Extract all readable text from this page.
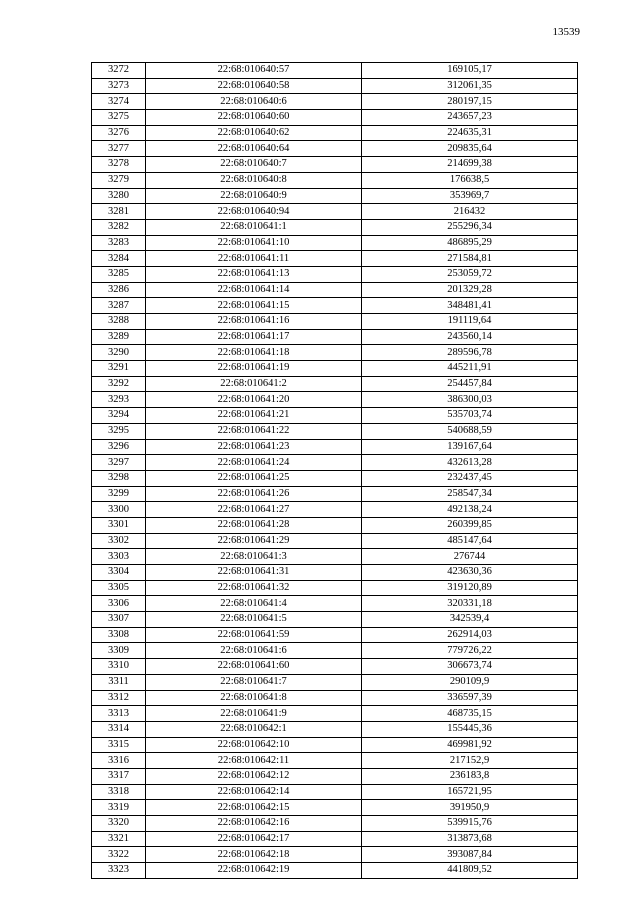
13539
3272	22:68:010640:57	169105,17
3273	22:68:010640:58	312061,35
3274	22:68:010640:6	280197,15
3275	22:68:010640:60	243657,23
3276	22:68:010640:62	224635,31
3277	22:68:010640:64	209835,64
3278	22:68:010640:7	214699,38
3279	22:68:010640:8	176638,5
3280	22:68:010640:9	353969,7
3281	22:68:010640:94	216432
3282	22:68:010641:1	255296,34
3283	22:68:010641:10	486895,29
3284	22:68:010641:11	271584,81
3285	22:68:010641:13	253059,72
3286	22:68:010641:14	201329,28
3287	22:68:010641:15	348481,41
3288	22:68:010641:16	191119,64
3289	22:68:010641:17	243560,14
3290	22:68:010641:18	289596,78
3291	22:68:010641:19	445211,91
3292	22:68:010641:2	254457,84
3293	22:68:010641:20	386300,03
3294	22:68:010641:21	535703,74
3295	22:68:010641:22	540688,59
3296	22:68:010641:23	139167,64
3297	22:68:010641:24	432613,28
3298	22:68:010641:25	232437,45
3299	22:68:010641:26	258547,34
3300	22:68:010641:27	492138,24
3301	22:68:010641:28	260399,85
3302	22:68:010641:29	485147,64
3303	22:68:010641:3	276744
3304	22:68:010641:31	423630,36
3305	22:68:010641:32	319120,89
3306	22:68:010641:4	320331,18
3307	22:68:010641:5	342539,4
3308	22:68:010641:59	262914,03
3309	22:68:010641:6	779726,22
3310	22:68:010641:60	306673,74
3311	22:68:010641:7	290109,9
3312	22:68:010641:8	336597,39
3313	22:68:010641:9	468735,15
3314	22:68:010642:1	155445,36
3315	22:68:010642:10	469981,92
3316	22:68:010642:11	217152,9
3317	22:68:010642:12	236183,8
3318	22:68:010642:14	165721,95
3319	22:68:010642:15	391950,9
3320	22:68:010642:16	539915,76
3321	22:68:010642:17	313873,68
3322	22:68:010642:18	393087,84
3323	22:68:010642:19	441809,52
